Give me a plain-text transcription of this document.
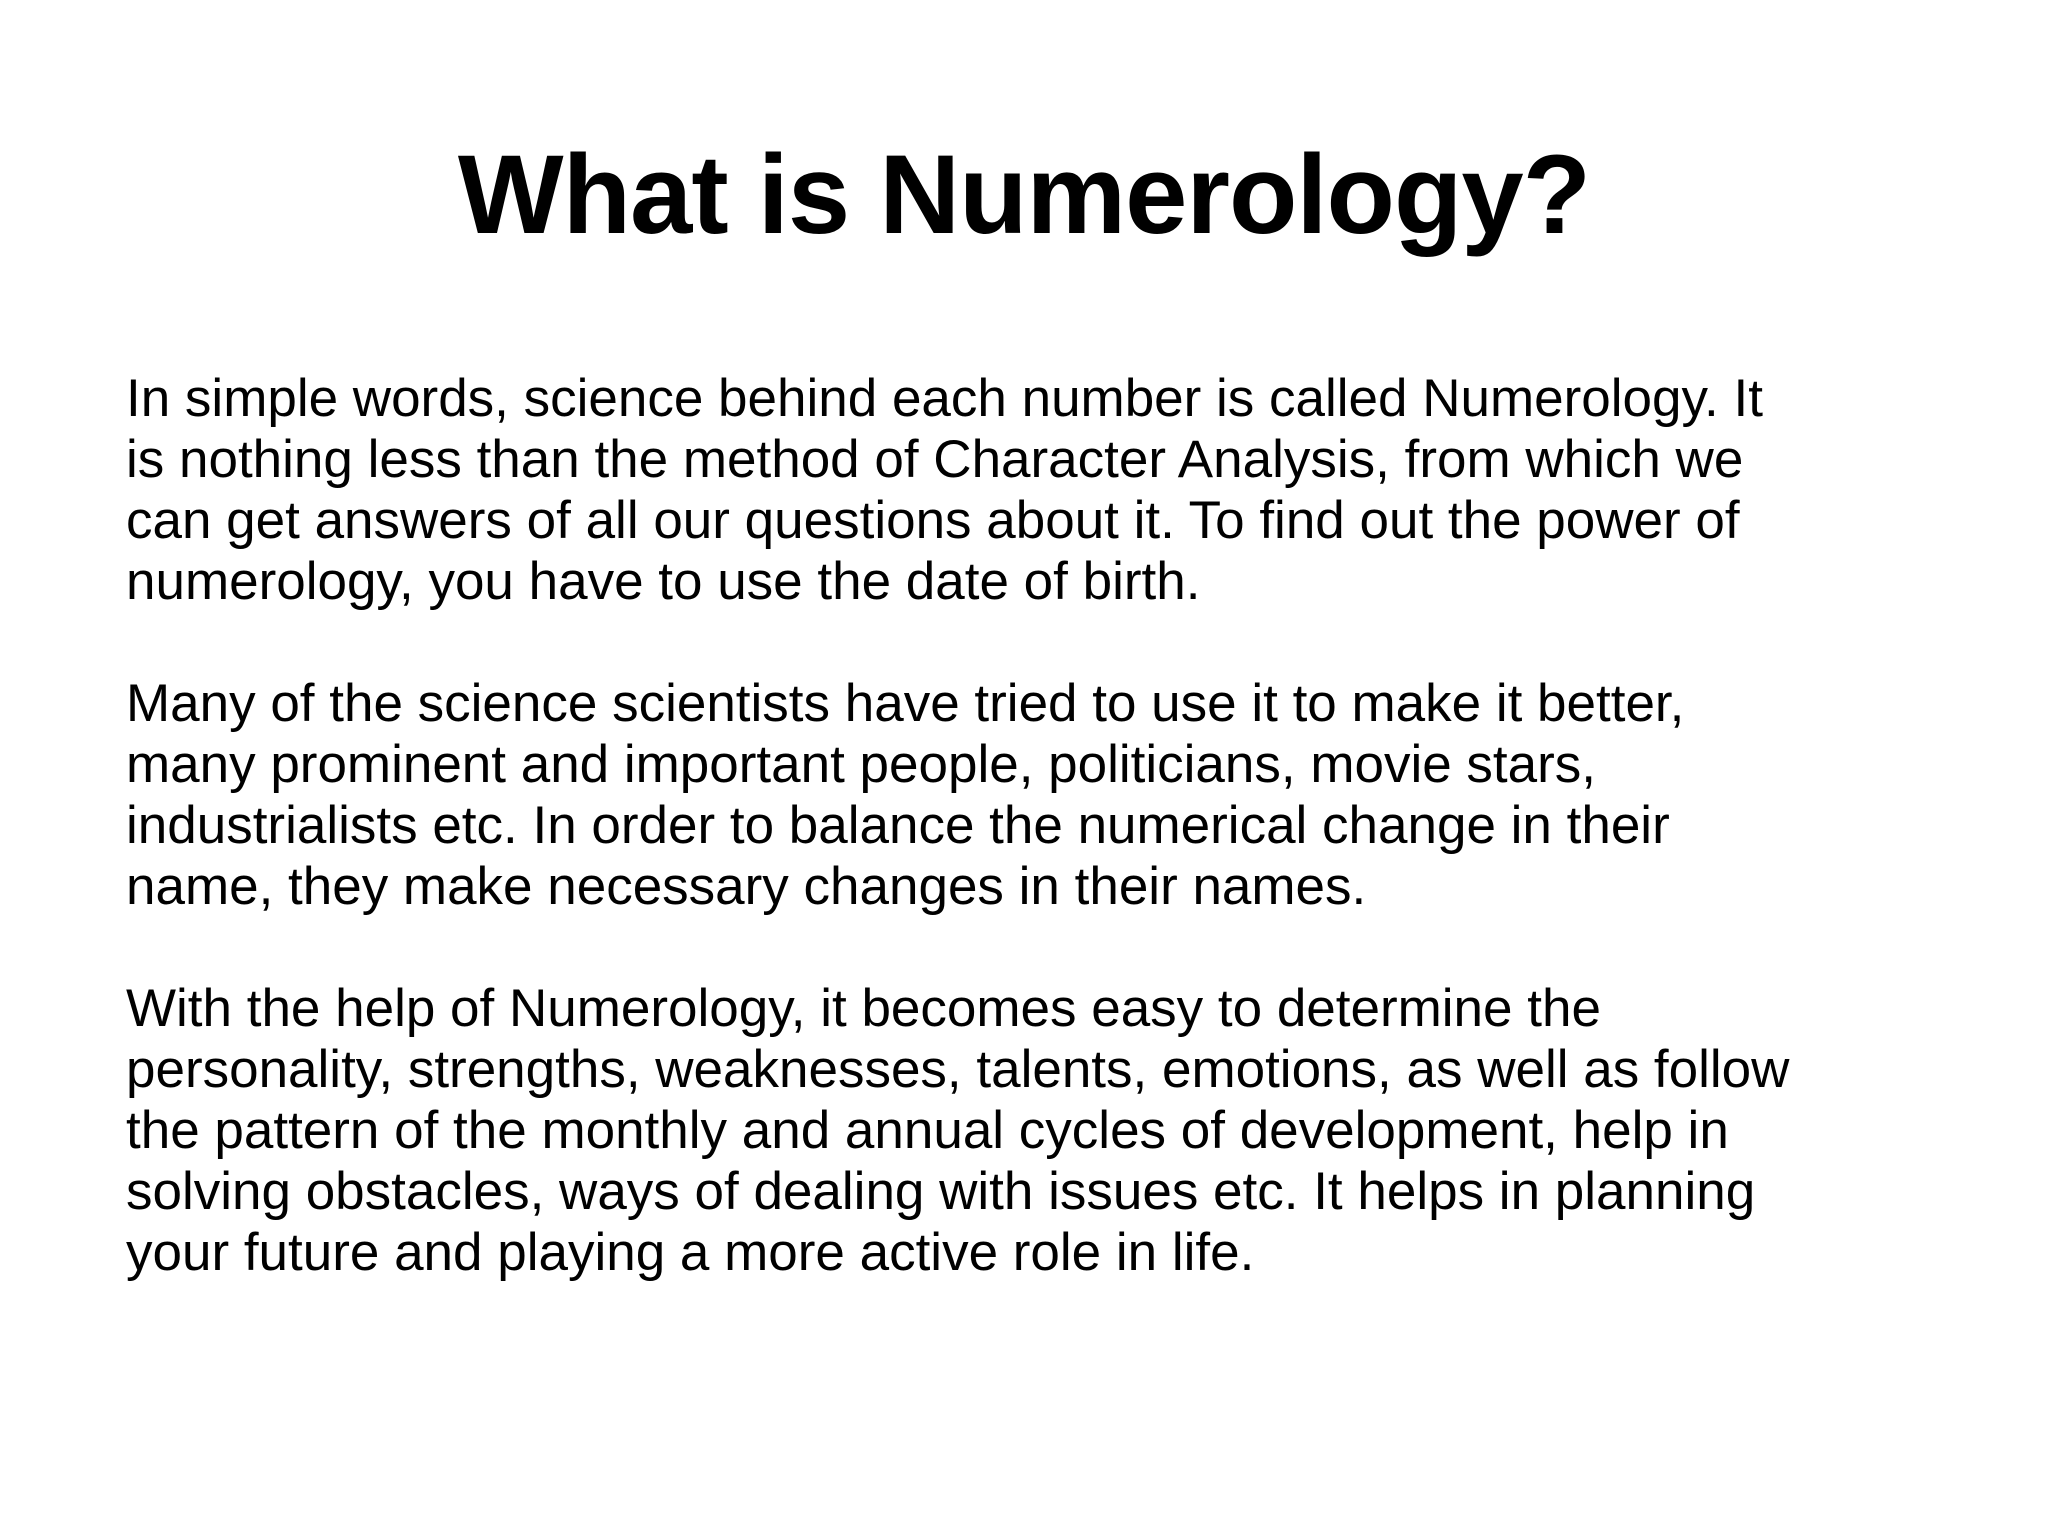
What is Numerology?

In simple words, science behind each number is called Numerology. It
is nothing less than the method of Character Analysis, from which we
can get answers of all our questions about it. To find out the power of
numerology, you have to use the date of birth.

Many of the science scientists have tried to use it to make it better,
many prominent and important people, politicians, movie stars,
industrialists etc. In order to balance the numerical change in their
name, they make necessary changes in their names.

With the help of Numerology, it becomes easy to determine the
personality, strengths, weaknesses, talents, emotions, as well as follow
the pattern of the monthly and annual cycles of development, help in
solving obstacles, ways of dealing with issues etc. It helps in planning
your future and playing a more active role in life.
